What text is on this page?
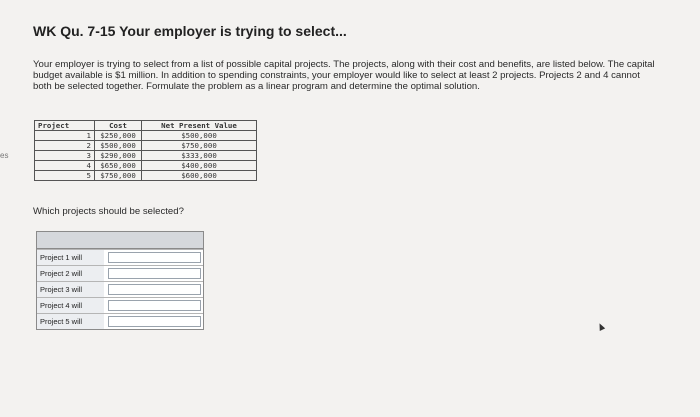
es
WK Qu. 7-15 Your employer is trying to select...
Your employer is trying to select from a list of possible capital projects. The projects, along with their cost and benefits, are listed below. The capital budget available is $1 million. In addition to spending constraints, your employer would like to select at least 2 projects. Projects 2 and 4 cannot both be selected together. Formulate the problem as a linear program and determine the optimal solution.
Project	Cost	Net Present Value
1	$250,000	$500,000
2	$500,000	$750,000
3	$290,000	$333,000
4	$650,000	$400,000
5	$750,000	$600,000
Which projects should be selected?
Project 1 will
Project 2 will
Project 3 will
Project 4 will
Project 5 will
